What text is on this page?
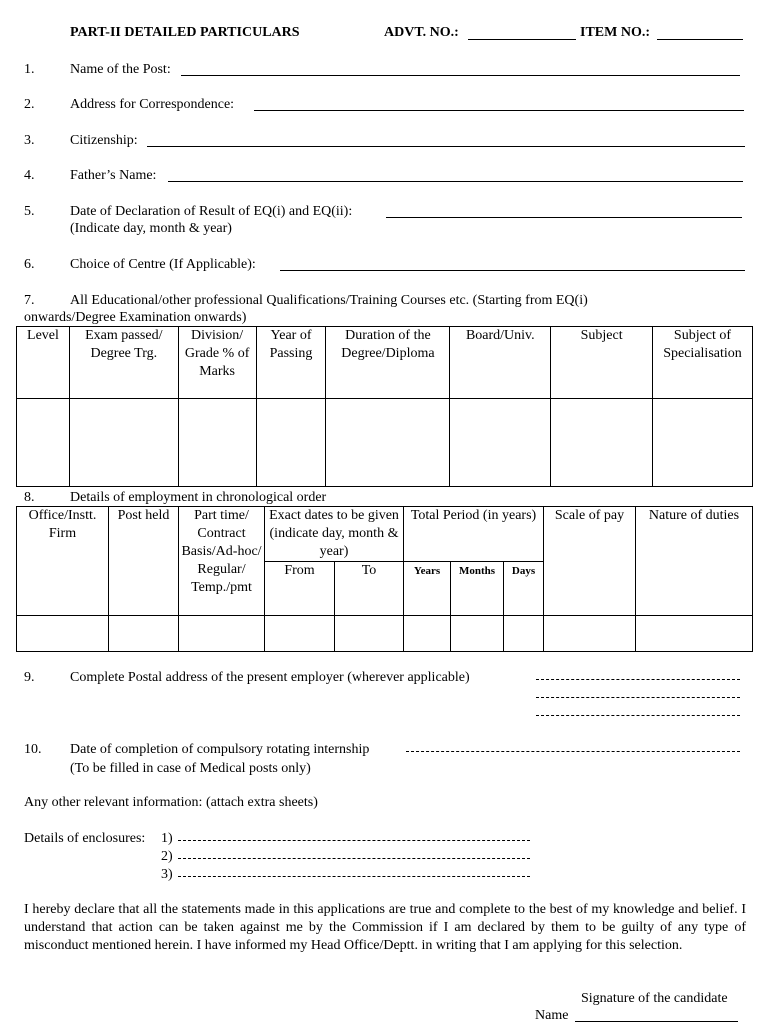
PART-II DETAILED PARTICULARS	ADVT. NO.:	ITEM NO.:
1.	Name of the Post:
2.	Address for Correspondence:
3.	Citizenship:
4.	Father’s Name:
5.	Date of Declaration of Result of EQ(i) and EQ(ii):
(Indicate day, month & year)
6.	Choice of Centre (If Applicable):
7.	All Educational/other professional Qualifications/Training Courses etc. (Starting from EQ(i)
onwards/Degree Examination onwards)
Level	Exam passed/ Degree Trg.	Division/ Grade % of Marks	Year of Passing	Duration of the Degree/Diploma	Board/Univ.	Subject	Subject of Specialisation

8.	Details of employment in chronological order
Office/Instt. Firm	Post held	Part time/ Contract Basis/Ad-hoc/ Regular/ Temp./pmt	Exact dates to be given (indicate day, month & year)		Total Period (in years)			Scale of pay	Nature of duties
			From	To	Years	Months	Days		

9.	Complete Postal address of the present employer (wherever applicable)
10. Date of completion of compulsory rotating internship
(To be filled in case of Medical posts only)
Any other relevant information: (attach extra sheets)
Details of enclosures: 1)
2)
3)
I hereby declare that all the statements made in this applications are true and complete to the best of my knowledge and belief. I understand that action can be taken against me by the Commission if I am declared by them to be guilty of any type of misconduct mentioned herein. I have informed my Head Office/Deptt. in writing that I am applying for this selection.
Signature of the candidate
Name
